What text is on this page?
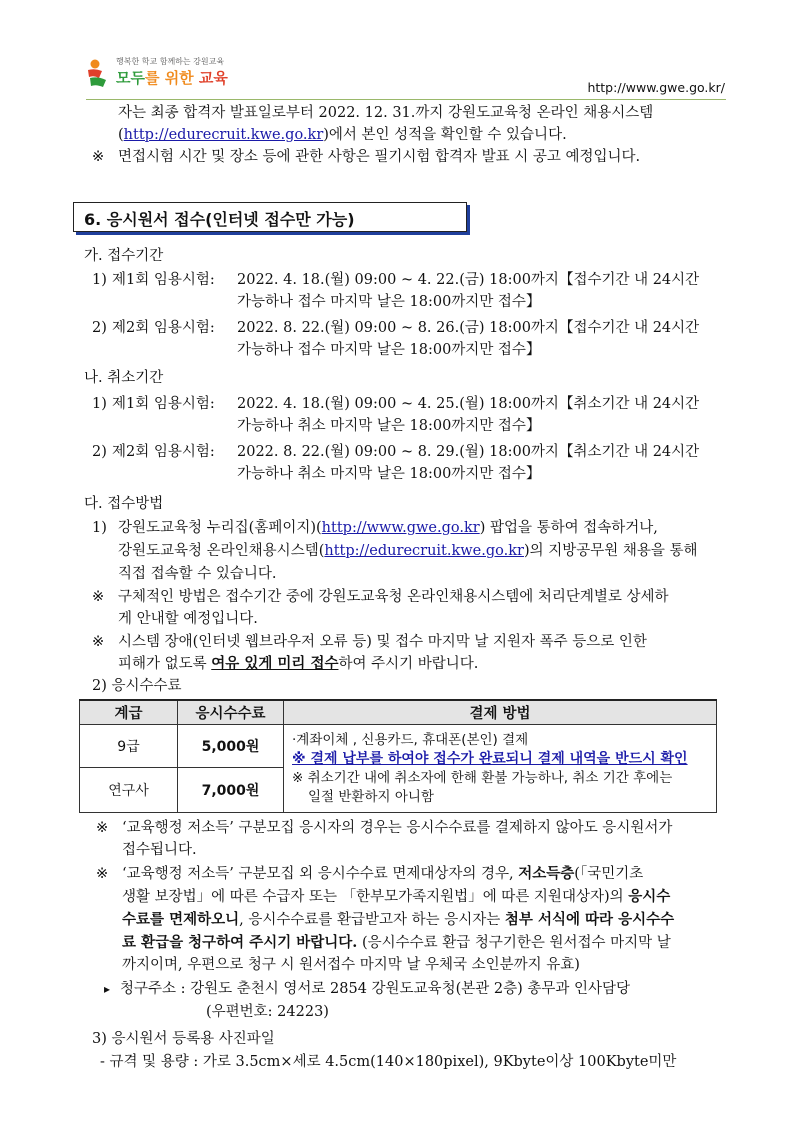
행복한 학교 함께하는 강원교육
모두를 위한 교육
http://www.gwe.go.kr/
자는 최종 합격자 발표일로부터 2022. 12. 31.까지 강원도교육청 온라인 채용시스템
(http://edurecruit.kwe.go.kr)에서 본인 성적을 확인할 수 있습니다.
※ 면접시험 시간 및 장소 등에 관한 사항은 필기시험 합격자 발표 시 공고 예정입니다.
6. 응시원서 접수(인터넷 접수만 가능)
가. 접수기간
1) 제1회 임용시험: 2022. 4. 18.(월) 09:00 ~ 4. 22.(금) 18:00까지【접수기간 내 24시간
가능하나 접수 마지막 날은 18:00까지만 접수】
2) 제2회 임용시험: 2022. 8. 22.(월) 09:00 ~ 8. 26.(금) 18:00까지【접수기간 내 24시간
가능하나 접수 마지막 날은 18:00까지만 접수】
나. 취소기간
1) 제1회 임용시험: 2022. 4. 18.(월) 09:00 ~ 4. 25.(월) 18:00까지【취소기간 내 24시간
가능하나 취소 마지막 날은 18:00까지만 접수】
2) 제2회 임용시험: 2022. 8. 22.(월) 09:00 ~ 8. 29.(월) 18:00까지【취소기간 내 24시간
가능하나 취소 마지막 날은 18:00까지만 접수】
다. 접수방법
1) 강원도교육청 누리집(홈페이지)(http://www.gwe.go.kr) 팝업을 통하여 접속하거나,
강원도교육청 온라인채용시스템(http://edurecruit.kwe.go.kr)의 지방공무원 채용을 통해
직접 접속할 수 있습니다.
※ 구체적인 방법은 접수기간 중에 강원도교육청 온라인채용시스템에 처리단계별로 상세하
게 안내할 예정입니다.
※ 시스템 장애(인터넷 웹브라우저 오류 등) 및 접수 마지막 날 지원자 폭주 등으로 인한
피해가 없도록 여유 있게 미리 접수하여 주시기 바랍니다.
2) 응시수수료
계급	응시수수료	결제 방법
9급	5,000원	·계좌이체 , 신용카드, 휴대폰(본인) 결제
※ 결제 납부를 하여야 접수가 완료되니 결제 내역을 반드시 확인
※ 취소기간 내에 취소자에 한해 환불 가능하나, 취소 기간 후에는
일절 반환하지 아니함

연구사	7,000원	
※ ‘교육행정 저소득’ 구분모집 응시자의 경우는 응시수수료를 결제하지 않아도 응시원서가
접수됩니다.
※ ‘교육행정 저소득’ 구분모집 외 응시수수료 면제대상자의 경우, 저소득층(「국민기초
생활 보장법」에 따른 수급자 또는 「한부모가족지원법」에 따른 지원대상자)의 응시수
수료를 면제하오니, 응시수수료를 환급받고자 하는 응시자는 첨부 서식에 따라 응시수수
료 환급을 청구하여 주시기 바랍니다. (응시수수료 환급 청구기한은 원서접수 마지막 날
까지이며, 우편으로 청구 시 원서접수 마지막 날 우체국 소인분까지 유효)
▸ 청구주소 : 강원도 춘천시 영서로 2854 강원도교육청(본관 2층) 총무과 인사담당
(우편번호: 24223)
3) 응시원서 등록용 사진파일
- 규격 및 용량 : 가로 3.5cm×세로 4.5cm(140×180pixel), 9Kbyte이상 100Kbyte미만
